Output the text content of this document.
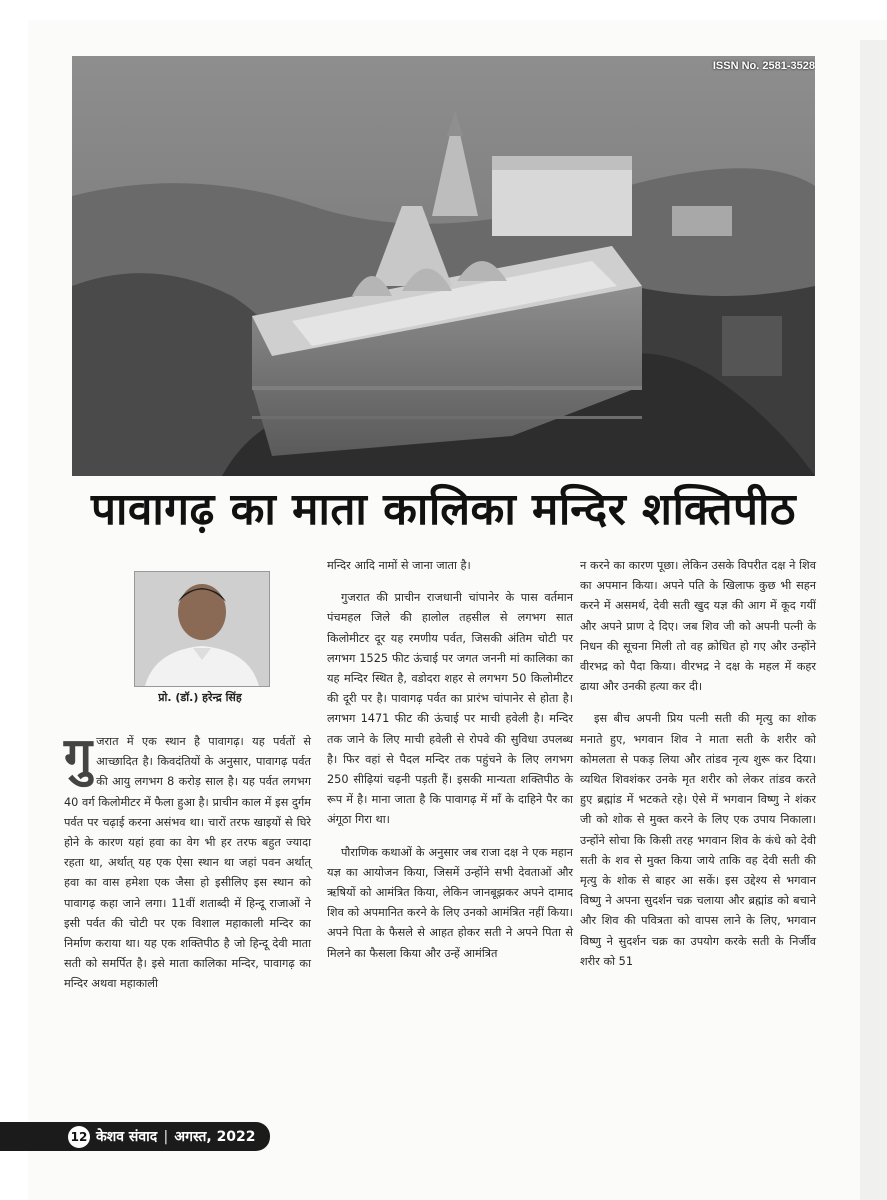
ISSN No. 2581-3528
पावागढ़ का माता कालिका मन्दिर शक्तिपीठ
प्रो. (डॉ.) हरेन्द्र सिंह

गुजरात में एक स्थान है पावागढ़। यह पर्वतों से आच्छादित है। किवदंतियों के अनुसार, पावागढ़ पर्वत की आयु लगभग 8 करोड़ साल है। यह पर्वत लगभग 40 वर्ग किलोमीटर में फैला हुआ है। प्राचीन काल में इस दुर्गम पर्वत पर चढ़ाई करना असंभव था। चारों तरफ खाइयों से घिरे होने के कारण यहां हवा का वेग भी हर तरफ बहुत ज्यादा रहता था, अर्थात् यह एक ऐसा स्थान था जहां पवन अर्थात् हवा का वास हमेशा एक जैसा हो इसीलिए इस स्थान को पावागढ़ कहा जाने लगा। 11वीं शताब्दी में हिन्दू राजाओं ने इसी पर्वत की चोटी पर एक विशाल महाकाली मन्दिर का निर्माण कराया था। यह एक शक्तिपीठ है जो हिन्दू देवी माता सती को समर्पित है। इसे माता कालिका मन्दिर, पावागढ़ का मन्दिर अथवा महाकाली

मन्दिर आदि नामों से जाना जाता है।

गुजरात की प्राचीन राजधानी चांपानेर के पास वर्तमान पंचमहल जिले की हालोल तहसील से लगभग सात किलोमीटर दूर यह रमणीय पर्वत, जिसकी अंतिम चोटी पर लगभग 1525 फीट ऊंचाई पर जगत जननी मां कालिका का यह मन्दिर स्थित है, वडोदरा शहर से लगभग 50 किलोमीटर की दूरी पर है। पावागढ़ पर्वत का प्रारंभ चांपानेर से होता है। लगभग 1471 फीट की ऊंचाई पर माची हवेली है। मन्दिर तक जाने के लिए माची हवेली से रोपवे की सुविधा उपलब्ध है। फिर वहां से पैदल मन्दिर तक पहुंचने के लिए लगभग 250 सीढ़ियां चढ़नी पड़ती हैं। इसकी मान्यता शक्तिपीठ के रूप में है। माना जाता है कि पावागढ़ में माँ के दाहिने पैर का अंगूठा गिरा था।

पौराणिक कथाओं के अनुसार जब राजा दक्ष ने एक महान यज्ञ का आयोजन किया, जिसमें उन्होंने सभी देवताओं और ऋषियों को आमंत्रित किया, लेकिन जानबूझकर अपने दामाद शिव को अपमानित करने के लिए उनको आमंत्रित नहीं किया। अपने पिता के फैसले से आहत होकर सती ने अपने पिता से मिलने का फैसला किया और उन्हें आमंत्रित

न करने का कारण पूछा। लेकिन उसके विपरीत दक्ष ने शिव का अपमान किया। अपने पति के खिलाफ कुछ भी सहन करने में असमर्थ, देवी सती खुद यज्ञ की आग में कूद गयीं और अपने प्राण दे दिए। जब शिव जी को अपनी पत्नी के निधन की सूचना मिली तो वह क्रोधित हो गए और उन्होंने वीरभद्र को पैदा किया। वीरभद्र ने दक्ष के महल में कहर ढाया और उनकी हत्या कर दी।

इस बीच अपनी प्रिय पत्नी सती की मृत्यु का शोक मनाते हुए, भगवान शिव ने माता सती के शरीर को कोमलता से पकड़ लिया और तांडव नृत्य शुरू कर दिया। व्यथित शिवशंकर उनके मृत शरीर को लेकर तांडव करते हुए ब्रह्मांड में भटकते रहे। ऐसे में भगवान विष्णु ने शंकर जी को शोक से मुक्त करने के लिए एक उपाय निकाला। उन्होंने सोचा कि किसी तरह भगवान शिव के कंधे को देवी सती के शव से मुक्त किया जाये ताकि वह देवी सती की मृत्यु के शोक से बाहर आ सकें। इस उद्देश्य से भगवान विष्णु ने अपना सुदर्शन चक्र चलाया और ब्रह्मांड को बचाने और शिव की पवित्रता को वापस लाने के लिए, भगवान विष्णु ने सुदर्शन चक्र का उपयोग करके सती के निर्जीव शरीर को 51

12 केशव संवाद | अगस्त, 2022
